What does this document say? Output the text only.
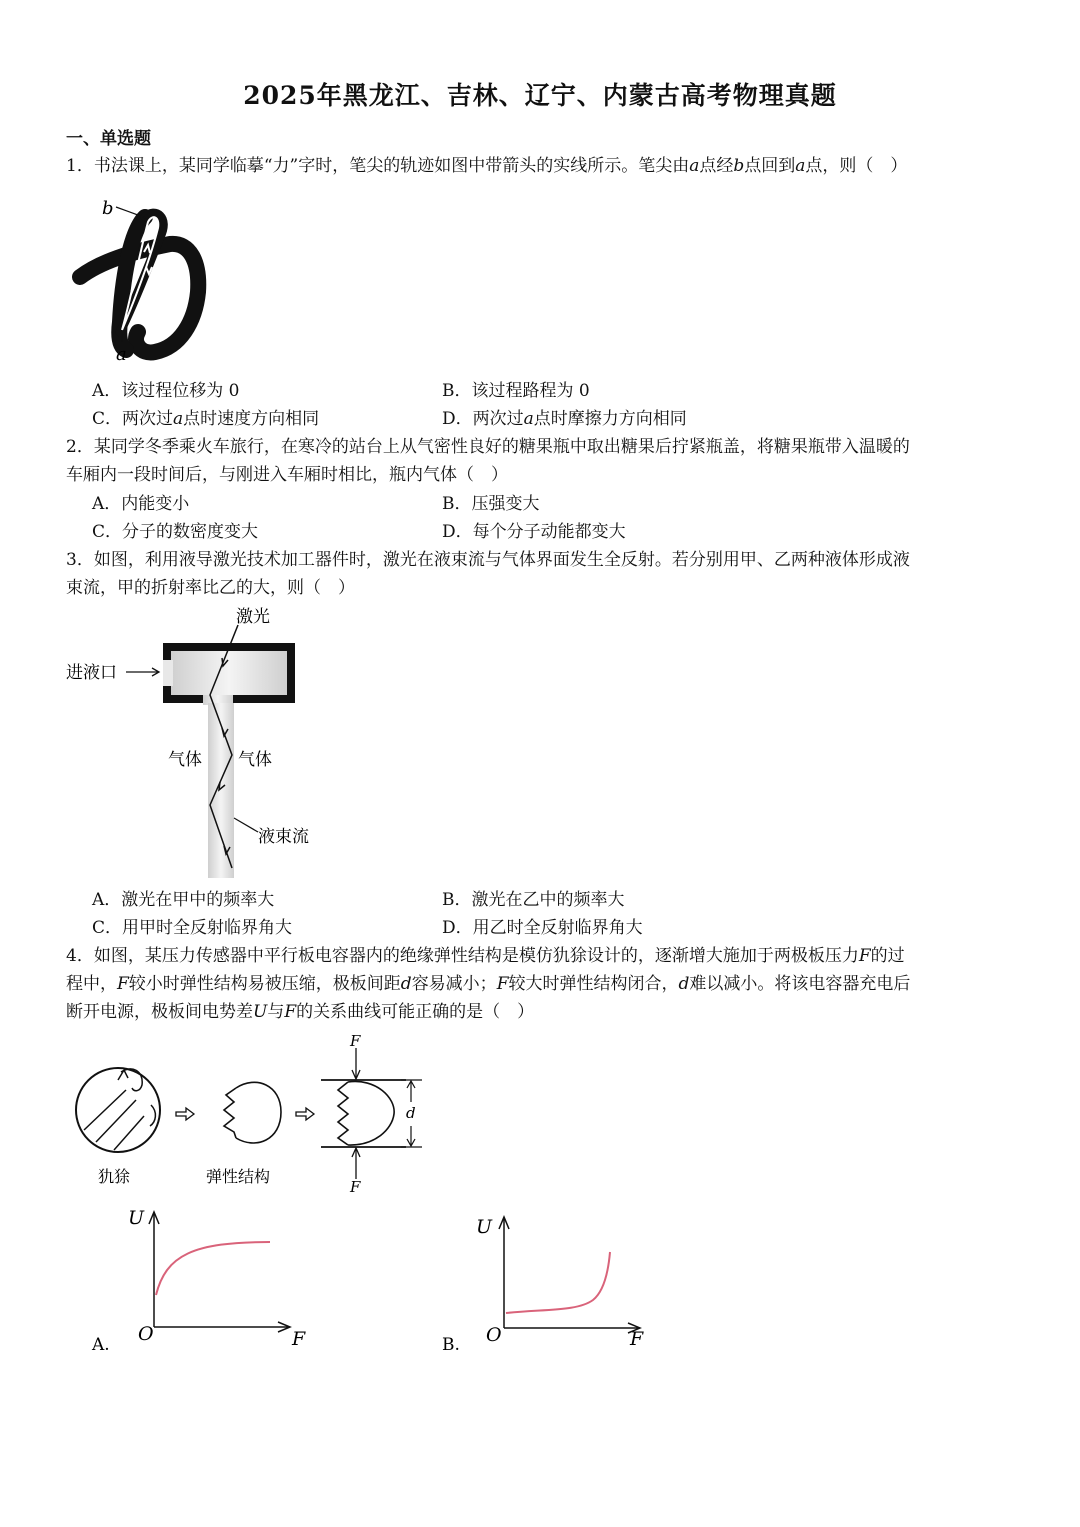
2025年黑龙江、吉林、辽宁、内蒙古高考物理真题
一、单选题
1．书法课上，某同学临摹“力”字时，笔尖的轨迹如图中带箭头的实线所示。笔尖由a点经b点回到a点，则（　）
b
a
A．该过程位移为 0	B．该过程路程为 0
C．两次过a点时速度方向相同	D．两次过a点时摩擦力方向相同
2．某同学冬季乘火车旅行，在寒冷的站台上从气密性良好的糖果瓶中取出糖果后拧紧瓶盖，将糖果瓶带入温暖的
车厢内一段时间后，与刚进入车厢时相比，瓶内气体（　）
A．内能变小	B．压强变大
C．分子的数密度变大	D．每个分子动能都变大
3．如图，利用液导激光技术加工器件时，激光在液束流与气体界面发生全反射。若分别用甲、乙两种液体形成液
束流，甲的折射率比乙的大，则（　）
激光
进液口
气体 气体
液束流
A．激光在甲中的频率大	B．激光在乙中的频率大
C．用甲时全反射临界角大	D．用乙时全反射临界角大
4．如图，某压力传感器中平行板电容器内的绝缘弹性结构是模仿犰狳设计的，逐渐增大施加于两极板压力F的过
程中，F较小时弹性结构易被压缩，极板间距d容易减小；F较大时弹性结构闭合，d难以减小。将该电容器充电后
断开电源，极板间电势差U与F的关系曲线可能正确的是（　）
F
F
d
犰狳	弹性结构
U
O	F
A.
U
O	F
B.
